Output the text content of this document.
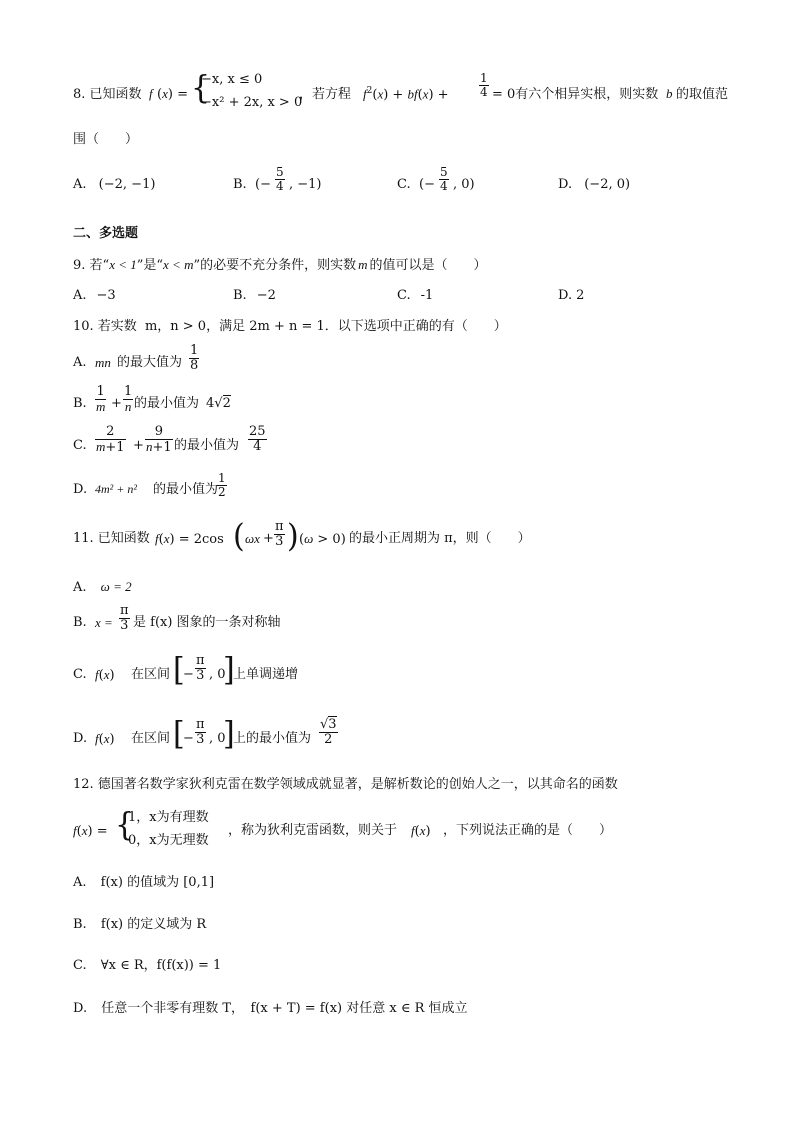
8. 已知函数 f (x) = {
−x, x ≤ 0
−x² + 2x, x > 0
，若方程 $f^2(x) + bf(x)$ +	$\frac{1}{4} = 0$有六个相异实根，则实数 b 的取值范
围（　　）
A. (−2, −1)	B. (− $\frac{5}{4}$ , −1)	C. (− $\frac{5}{4}$ , 0)	D. (−2, 0)
二、多选题
9. 若“x < 1”是“x < m”的必要不充分条件，则实数 m 的值可以是（　　）
A. −3	B. −2	C. -1	D. 2
10. 若实数 m，n > 0，满足 2m + n = 1．以下选项中正确的有（　　）
A. mn 的最大值为 $\frac{1}{8}$
B. $\frac{1}{m} + \frac{1}{n}$ 的最小值为 4√2
C. $\frac{2}{m+1} + \frac{9}{n+1}$ 的最小值为 $\frac{25}{4}$
D. 4m² + n² 的最小值为
$\frac{1}{2}$
11. 已知函数 f(x) = 2cos ( $\omega x + \frac{\pi}{3}$ ) (ω > 0) 的最小正周期为 π，则（　　）
A. ω = 2
B. $x = \frac{\pi}{3}$ 是 f(x) 图象的一条对称轴
C. f(x) 在区间 [
− $\frac{\pi}{3}$ , 0
]
上单调递增
D. f(x) 在区间 [
− $\frac{\pi}{3}$ , 0
]
上的最小值为 $\frac{√3}{2}$
12. 德国著名数学家狄利克雷在数学领域成就显著，是解析数论的创始人之一，以其命名的函数
f(x) = {
1，x为有理数
0，x为无理数
，称为狄利克雷函数，则关于 f(x) ，下列说法正确的是（　　）
A. f(x) 的值域为 [0,1]
B. f(x) 的定义域为 R
C. ∀x ∈ R，f(f(x)) = 1
D. 任意一个非零有理数 T，　f(x + T) = f(x) 对任意 x ∈ R 恒成立
